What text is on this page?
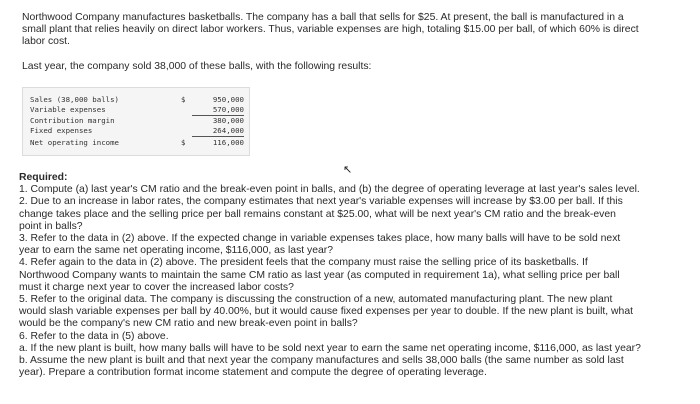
Northwood Company manufactures basketballs. The company has a ball that sells for $25. At present, the ball is manufactured in a
small plant that relies heavily on direct labor workers. Thus, variable expenses are high, totaling $15.00 per ball, of which 60% is direct
labor cost.
Last year, the company sold 38,000 of these balls, with the following results:
Sales (38,000 balls)	$	950,000
Variable expenses	570,000
Contribution margin	380,000
Fixed expenses	264,000
Net operating income	$	116,000
↖
Required:
1. Compute (a) last year's CM ratio and the break-even point in balls, and (b) the degree of operating leverage at last year's sales level.
2. Due to an increase in labor rates, the company estimates that next year's variable expenses will increase by $3.00 per ball. If this
change takes place and the selling price per ball remains constant at $25.00, what will be next year's CM ratio and the break-even
point in balls?
3. Refer to the data in (2) above. If the expected change in variable expenses takes place, how many balls will have to be sold next
year to earn the same net operating income, $116,000, as last year?
4. Refer again to the data in (2) above. The president feels that the company must raise the selling price of its basketballs. If
Northwood Company wants to maintain the same CM ratio as last year (as computed in requirement 1a), what selling price per ball
must it charge next year to cover the increased labor costs?
5. Refer to the original data. The company is discussing the construction of a new, automated manufacturing plant. The new plant
would slash variable expenses per ball by 40.00%, but it would cause fixed expenses per year to double. If the new plant is built, what
would be the company's new CM ratio and new break-even point in balls?
6. Refer to the data in (5) above.
a. If the new plant is built, how many balls will have to be sold next year to earn the same net operating income, $116,000, as last year?
b. Assume the new plant is built and that next year the company manufactures and sells 38,000 balls (the same number as sold last
year). Prepare a contribution format income statement and compute the degree of operating leverage.
